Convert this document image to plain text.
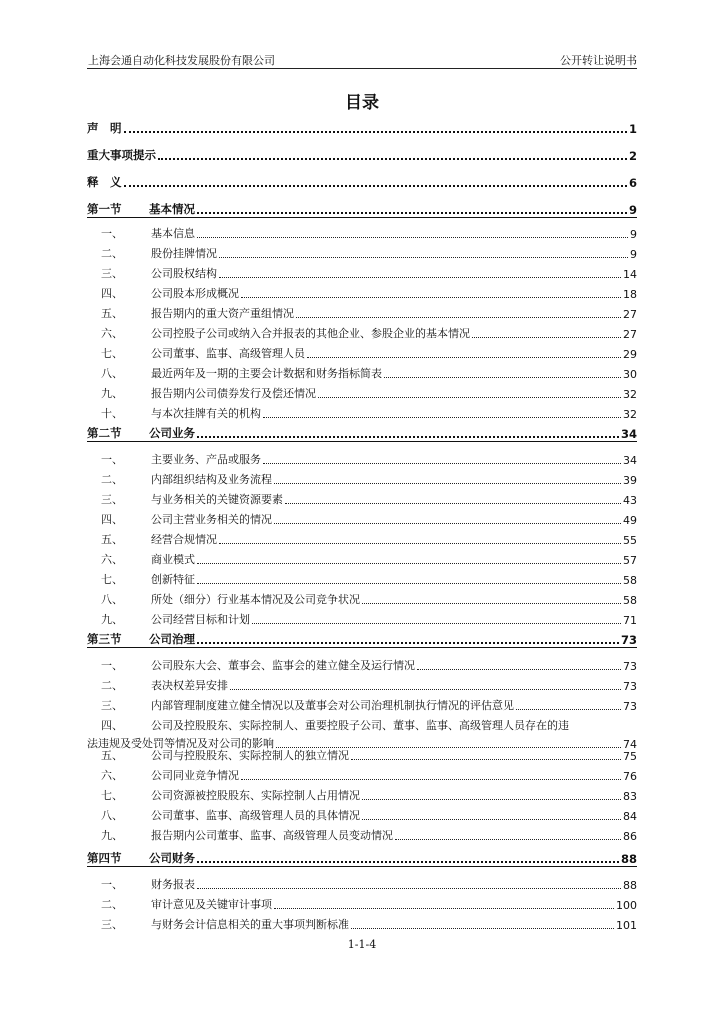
上海会通自动化科技发展股份有限公司	公开转让说明书
目录
声　明	1
重大事项提示	2
释　义	6
第一节	基本情况	9
一、	基本信息	9
二、	股份挂牌情况	9
三、	公司股权结构	14
四、	公司股本形成概况	18
五、	报告期内的重大资产重组情况	27
六、	公司控股子公司或纳入合并报表的其他企业、参股企业的基本情况	27
七、	公司董事、监事、高级管理人员	29
八、	最近两年及一期的主要会计数据和财务指标简表	30
九、	报告期内公司债券发行及偿还情况	32
十、	与本次挂牌有关的机构	32
第二节	公司业务	34
一、	主要业务、产品或服务	34
二、	内部组织结构及业务流程	39
三、	与业务相关的关键资源要素	43
四、	公司主营业务相关的情况	49
五、	经营合规情况	55
六、	商业模式	57
七、	创新特征	58
八、	所处（细分）行业基本情况及公司竞争状况	58
九、	公司经营目标和计划	71
第三节	公司治理	73
一、	公司股东大会、董事会、监事会的建立健全及运行情况	73
二、	表决权差异安排	73
三、	内部管理制度建立健全情况以及董事会对公司治理机制执行情况的评估意见	73
四、	公司及控股股东、实际控制人、重要控股子公司、董事、监事、高级管理人员存在的违
法违规及受处罚等情况及对公司的影响	74
五、	公司与控股股东、实际控制人的独立情况	75
六、	公司同业竞争情况	76
七、	公司资源被控股股东、实际控制人占用情况	83
八、	公司董事、监事、高级管理人员的具体情况	84
九、	报告期内公司董事、监事、高级管理人员变动情况	86
第四节	公司财务	88
一、	财务报表	88
二、	审计意见及关键审计事项	100
三、	与财务会计信息相关的重大事项判断标准	101
1-1-4
